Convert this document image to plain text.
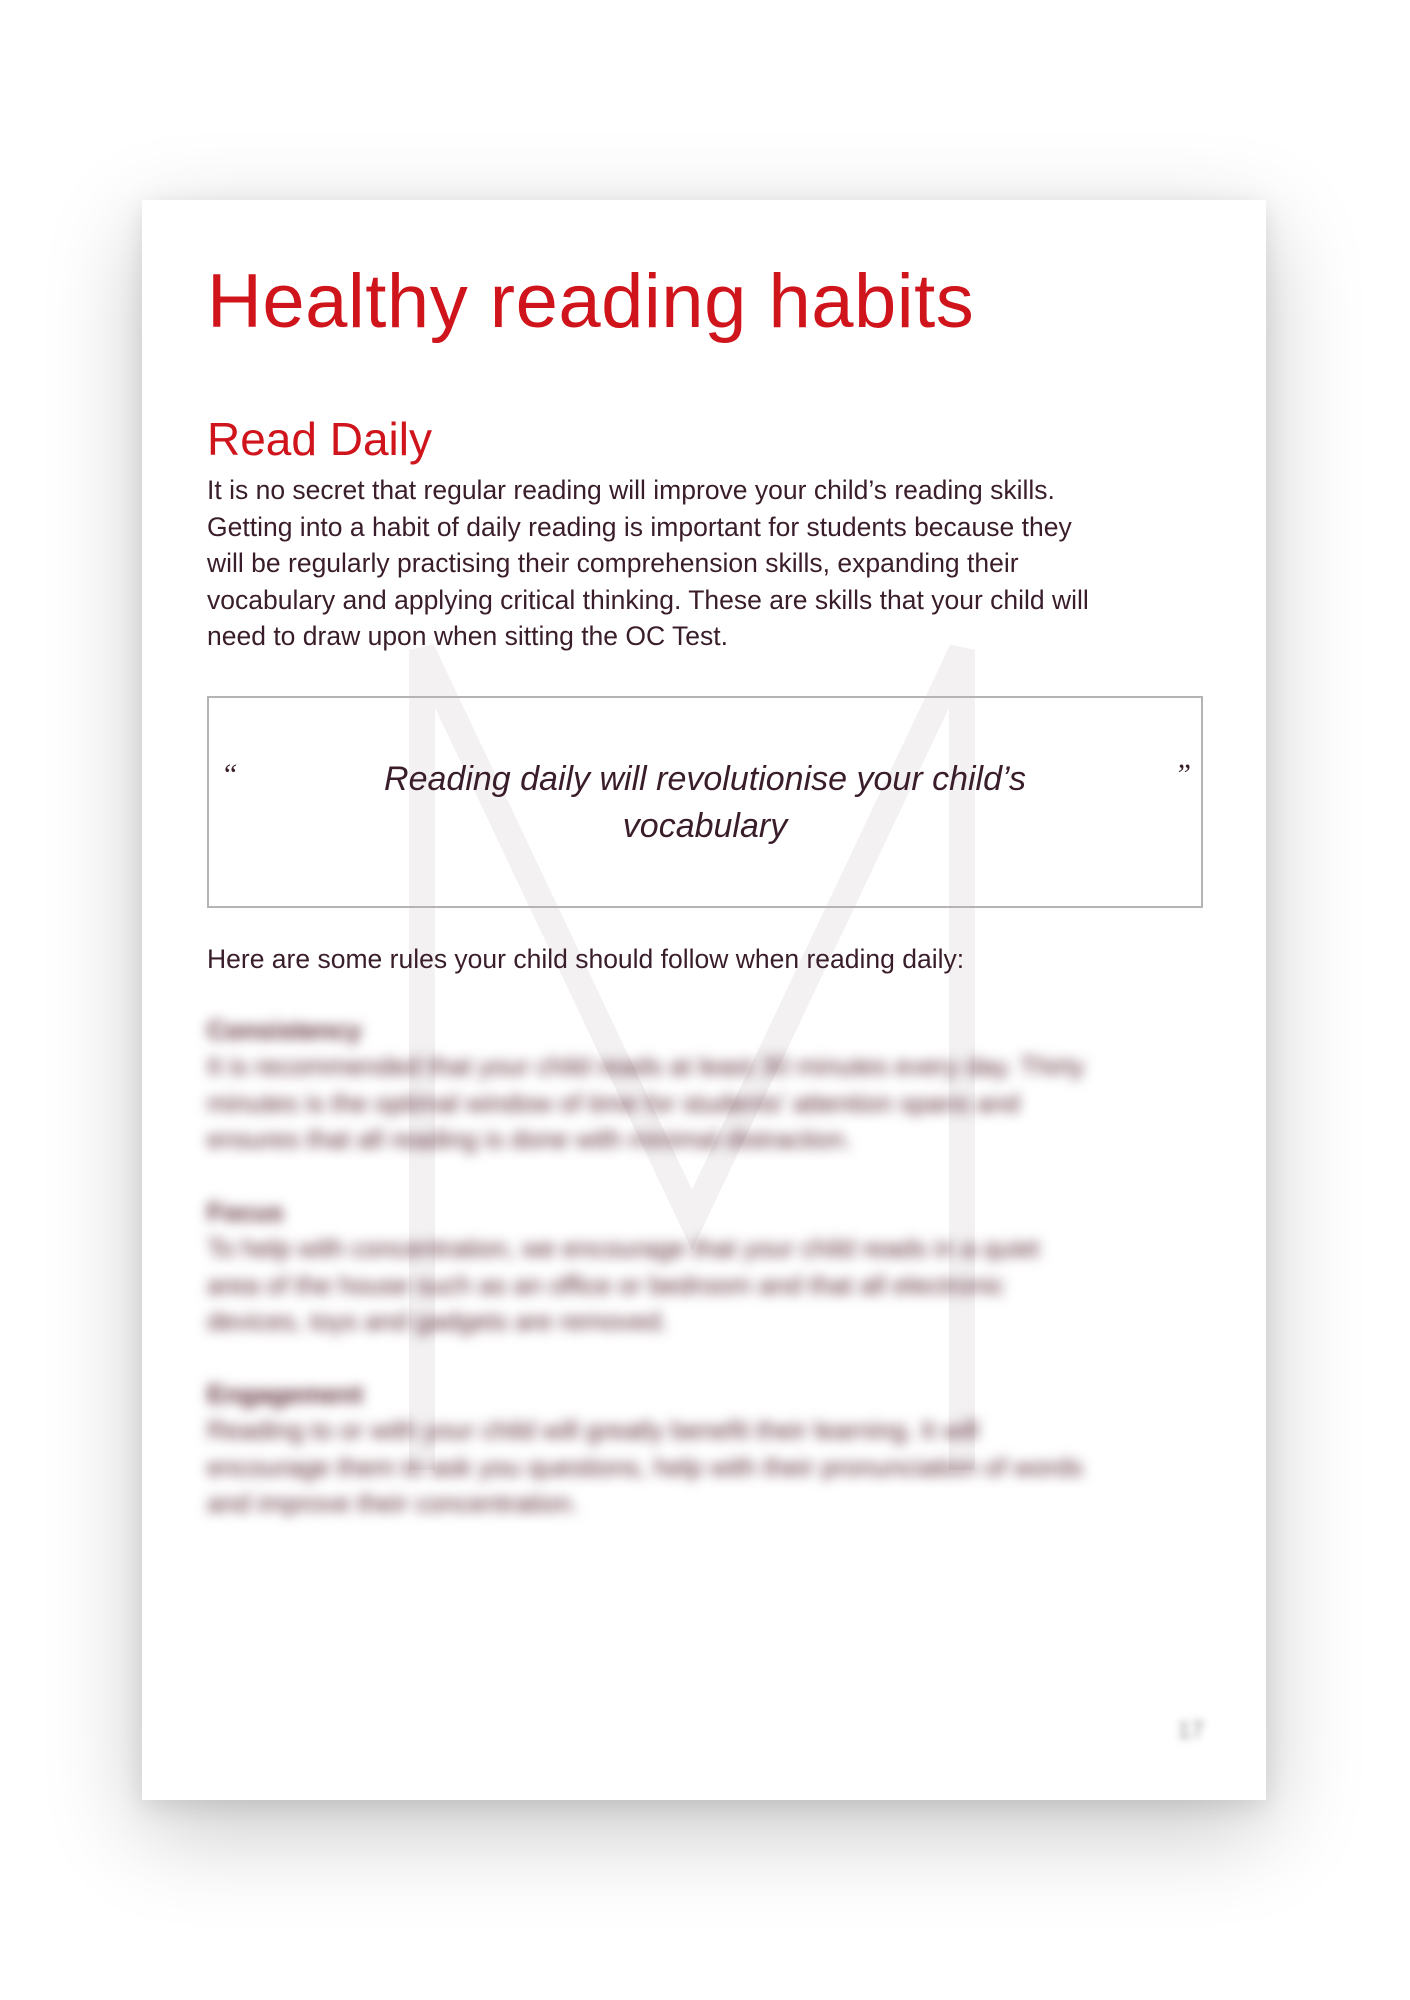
Healthy reading habits
Read Daily

It is no secret that regular reading will improve your child’s reading skills.
Getting into a habit of daily reading is important for students because they
will be regularly practising their comprehension skills, expanding their
vocabulary and applying critical thinking. These are skills that your child will
need to draw upon when sitting the OC Test.

“	Reading daily will revolutionise your child’s
vocabulary
”

Here are some rules your child should follow when reading daily:

Consistency
It is recommended that your child reads at least 30 minutes every day. Thirty
minutes is the optimal window of time for students' attention spans and
ensures that all reading is done with minimal distraction.
Focus
To help with concentration, we encourage that your child reads in a quiet
area of the house such as an office or bedroom and that all electronic
devices, toys and gadgets are removed.
Engagement
Reading to or with your child will greatly benefit their learning. It will
encourage them to ask you questions, help with their pronunciation of words
and improve their concentration.
17
